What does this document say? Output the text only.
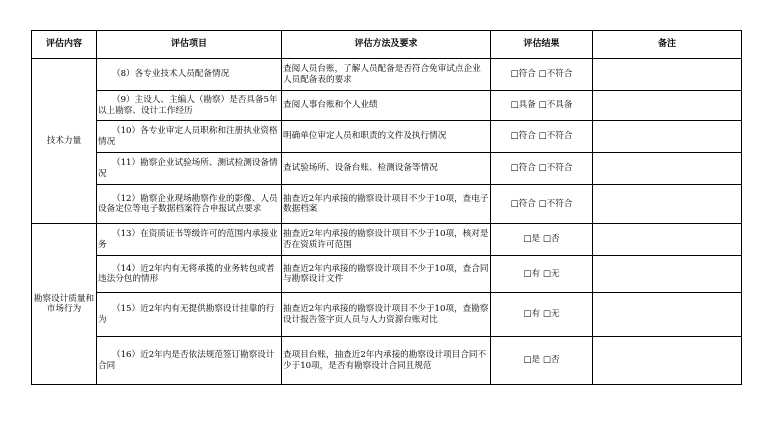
评估内容	评估项目	评估方法及要求	评估结果	备注
技术力量	（8）各专业技术人员配备情况	查阅人员台账，了解人员配备是否符合免审试点企业人员配备表的要求	□符合 □不符合	
	（9）主设人、主编人（勘察）是否具备5年以上勘察、设计工作经历	查阅人事台账和个人业绩	□具备 □不具备	
	（10）各专业审定人员职称和注册执业资格情况	明确单位审定人员和职责的文件及执行情况	□符合 □不符合	
	（11）勘察企业试验场所、测试检测设备情况	查试验场所、设备台账、检测设备等情况	□符合 □不符合	
	（12）勘察企业现场勘察作业的影像、人员设备定位等电子数据档案符合申报试点要求	抽查近2年内承接的勘察设计项目不少于10项，查电子数据档案	□符合 □不符合	
勘察设计质量和市场行为	（13）在资质证书等级许可的范围内承接业务	抽查近2年内承接的勘察设计项目不少于10项，核对是否在资质许可范围	□是 □否	
	（14）近2年内有无将承揽的业务转包或者违法分包的情形	抽查近2年内承接的勘察设计项目不少于10项，查合同与勘察设计文件	□有 □无	
	（15）近2年内有无提供勘察设计挂靠的行为	抽查近2年内承接的勘察设计项目不少于10项，查勘察设计报告签字页人员与人力资源台账对比	□有 □无	
	（16）近2年内是否依法规范签订勘察设计合同	查项目台账，抽查近2年内承接的勘察设计项目合同不少于10项，是否有勘察设计合同且规范	□是 □否	
